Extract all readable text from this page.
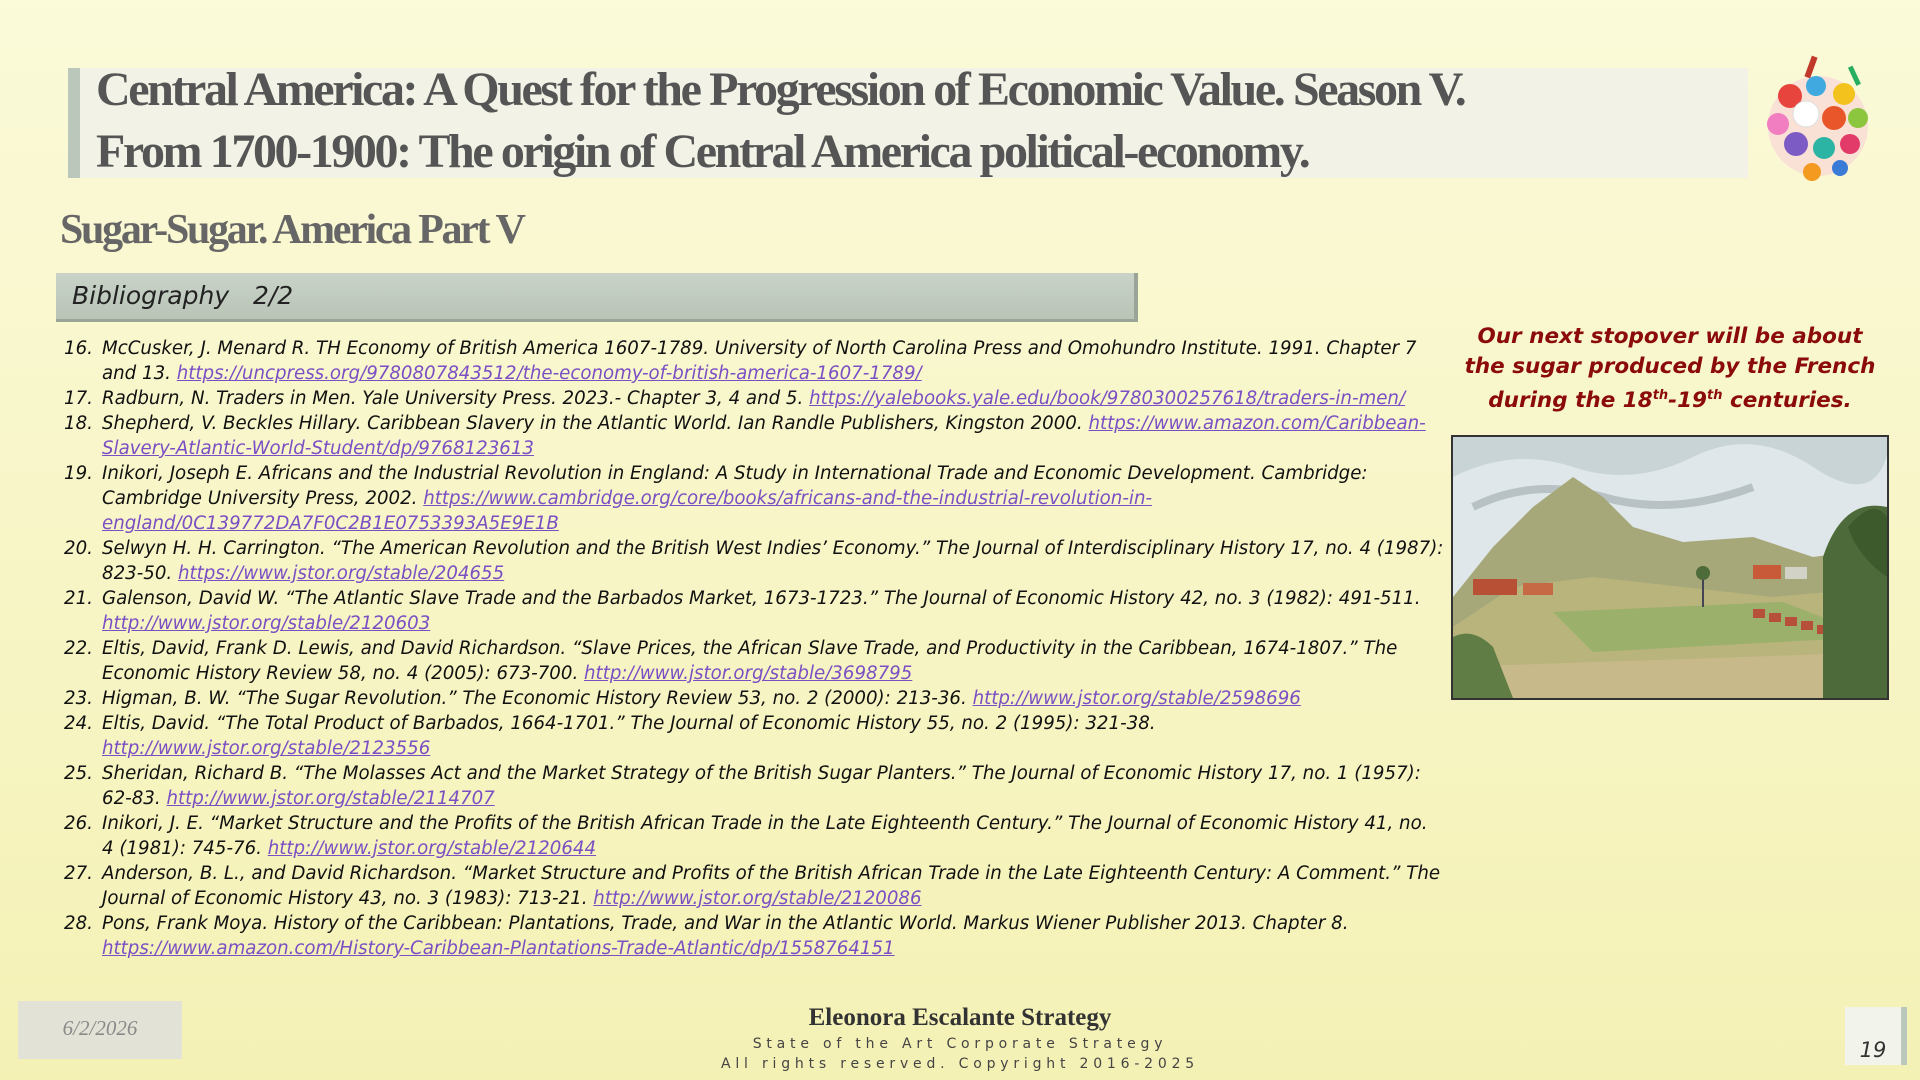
Central America: A Quest for the Progression of Economic Value. Season V.
From 1700-1900: The origin of Central America political-economy.
Sugar-Sugar. America Part V
Bibliography   2/2
16. McCusker, J. Menard R. TH Economy of British America 1607-1789. University of North Carolina Press and Omohundro Institute. 1991. Chapter 7 and 13. https://uncpress.org/9780807843512/the-economy-of-british-america-1607-1789/
17. Radburn, N. Traders in Men. Yale University Press. 2023.- Chapter 3, 4 and 5. https://yalebooks.yale.edu/book/9780300257618/traders-in-men/
18. Shepherd, V. Beckles Hillary. Caribbean Slavery in the Atlantic World. Ian Randle Publishers, Kingston 2000. https://www.amazon.com/Caribbean-Slavery-Atlantic-World-Student/dp/9768123613
19. Inikori, Joseph E. Africans and the Industrial Revolution in England: A Study in International Trade and Economic Development. Cambridge: Cambridge University Press, 2002. https://www.cambridge.org/core/books/africans-and-the-industrial-revolution-in-england/0C139772DA7F0C2B1E0753393A5E9E1B
20. Selwyn H. H. Carrington. “The American Revolution and the British West Indies’ Economy.” The Journal of Interdisciplinary History 17, no. 4 (1987): 823-50. https://www.jstor.org/stable/204655
21. Galenson, David W. “The Atlantic Slave Trade and the Barbados Market, 1673-1723.” The Journal of Economic History 42, no. 3 (1982): 491-511. http://www.jstor.org/stable/2120603
22. Eltis, David, Frank D. Lewis, and David Richardson. “Slave Prices, the African Slave Trade, and Productivity in the Caribbean, 1674-1807.” The Economic History Review 58, no. 4 (2005): 673-700. http://www.jstor.org/stable/3698795
23. Higman, B. W. “The Sugar Revolution.” The Economic History Review 53, no. 2 (2000): 213-36. http://www.jstor.org/stable/2598696
24. Eltis, David. “The Total Product of Barbados, 1664-1701.” The Journal of Economic History 55, no. 2 (1995): 321-38. http://www.jstor.org/stable/2123556
25. Sheridan, Richard B. “The Molasses Act and the Market Strategy of the British Sugar Planters.” The Journal of Economic History 17, no. 1 (1957): 62-83. http://www.jstor.org/stable/2114707
26. Inikori, J. E. “Market Structure and the Profits of the British African Trade in the Late Eighteenth Century.” The Journal of Economic History 41, no. 4 (1981): 745-76. http://www.jstor.org/stable/2120644
27. Anderson, B. L., and David Richardson. “Market Structure and Profits of the British African Trade in the Late Eighteenth Century: A Comment.” The Journal of Economic History 43, no. 3 (1983): 713-21. http://www.jstor.org/stable/2120086
28. Pons, Frank Moya. History of the Caribbean: Plantations, Trade, and War in the Atlantic World. Markus Wiener Publisher 2013. Chapter 8. https://www.amazon.com/History-Caribbean-Plantations-Trade-Atlantic/dp/1558764151
Our next stopover will be about
the sugar produced by the French
during the 18th-19th centuries.
6/2/2026	Eleonora Escalante Strategy
State of the Art Corporate Strategy
All rights reserved. Copyright 2016-2025
19
